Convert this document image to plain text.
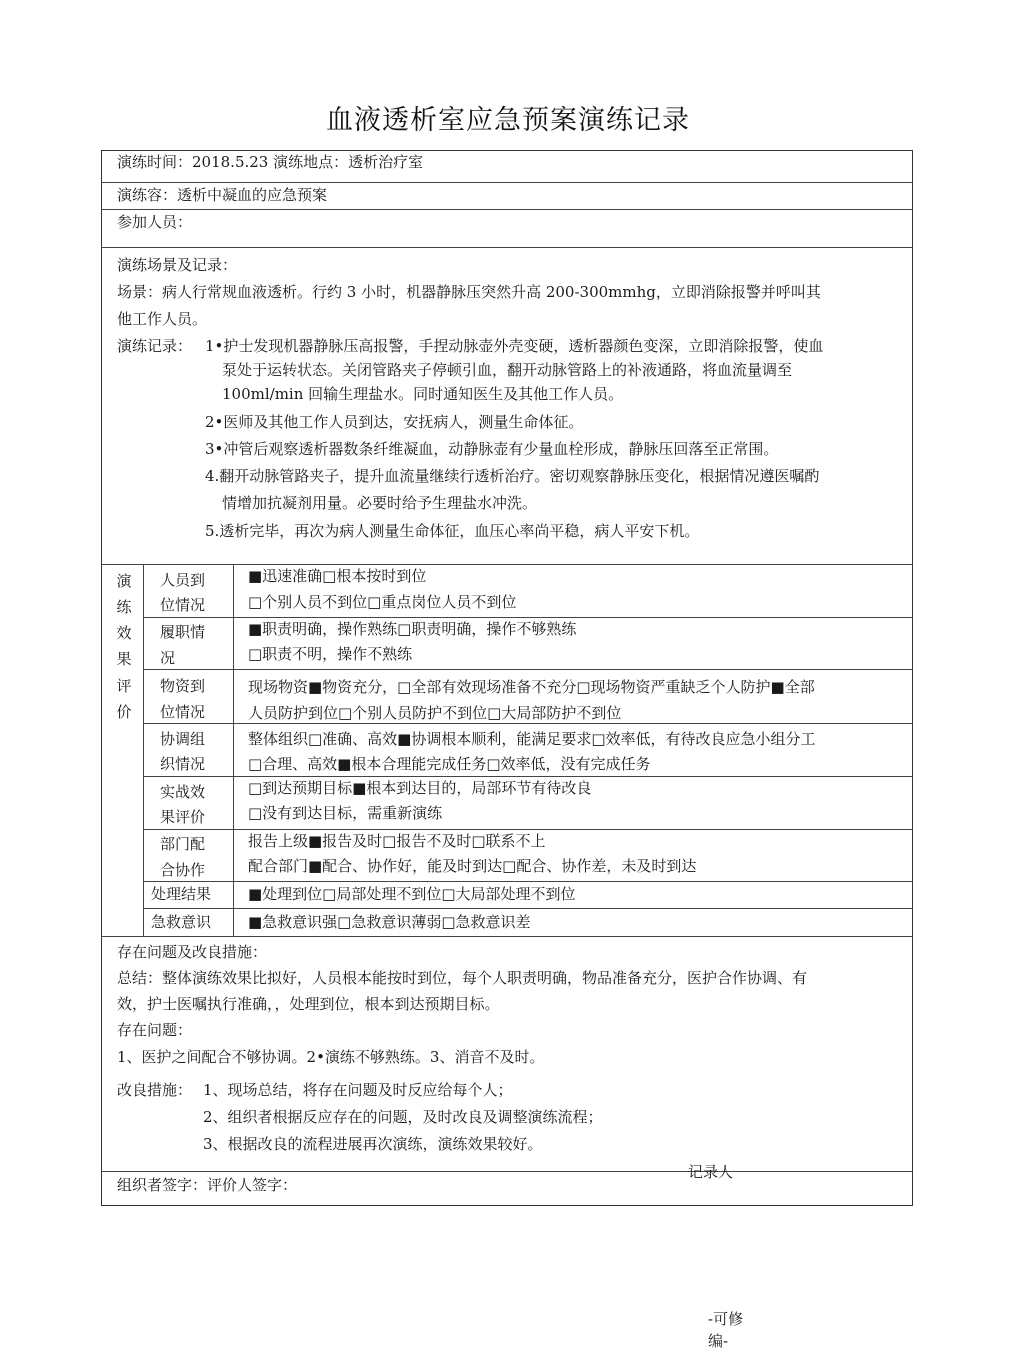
血液透析室应急预案演练记录
演练时间：2018.5.23 演练地点：透析治疗室
演练容：透析中凝血的应急预案
参加人员：
演练场景及记录：
场景：病人行常规血液透析。行约 3 小时，机器静脉压突然升高 200-300mmhg，立即消除报警并呼叫其
他工作人员。
演练记录： 1•护士发现机器静脉压高报警，手捏动脉壶外壳变硬，透析器颜色变深，立即消除报警，使血
泵处于运转状态。关闭管路夹子停顿引血，翻开动脉管路上的补液通路，将血流量调至
100ml/min 回输生理盐水。同时通知医生及其他工作人员。
2•医师及其他工作人员到达，安抚病人，测量生命体征。
3•冲管后观察透析器数条纤维凝血，动静脉壶有少量血栓形成，静脉压回落至正常围。
4.翻开动脉管路夹子，提升血流量继续行透析治疗。密切观察静脉压变化，根据情况遵医嘱酌
情增加抗凝剂用量。必要时给予生理盐水冲洗。
5.透析完毕，再次为病人测量生命体征，血压心率尚平稳，病人平安下机。
演
练
效
果
评
价
人员到
位情况
履职情
况
物资到
位情况
协调组
织情况
实战效
果评价
部门配
合协作
处理结果
急救意识
■迅速准确□根本按时到位
□个别人员不到位□重点岗位人员不到位
■职责明确，操作熟练□职责明确，操作不够熟练
□职责不明，操作不熟练
现场物资■物资充分，□全部有效现场准备不充分□现场物资严重缺乏个人防护■全部
人员防护到位□个别人员防护不到位□大局部防护不到位
整体组织□准确、高效■协调根本顺利，能满足要求□效率低，有待改良应急小组分工
□合理、高效■根本合理能完成任务□效率低，没有完成任务
□到达预期目标■根本到达目的，局部环节有待改良
□没有到达目标，需重新演练
报告上级■报告及时□报告不及时□联系不上
配合部门■配合、协作好，能及时到达□配合、协作差，未及时到达
■处理到位□局部处理不到位□大局部处理不到位
■急救意识强□急救意识薄弱□急救意识差
存在问题及改良措施：
总结：整体演练效果比拟好，人员根本能按时到位，每个人职责明确，物品准备充分，医护合作协调、有
效，护士医嘱执行准确，，处理到位，根本到达预期目标。
存在问题：
1、医护之间配合不够协调。2•演练不够熟练。3、消音不及时。
改良措施： 1、现场总结，将存在问题及时反应给每个人；
2、组织者根据反应存在的问题，及时改良及调整演练流程；
3、根据改良的流程进展再次演练，演练效果较好。
记录人
组织者签字：评价人签字：
-可修
编-
